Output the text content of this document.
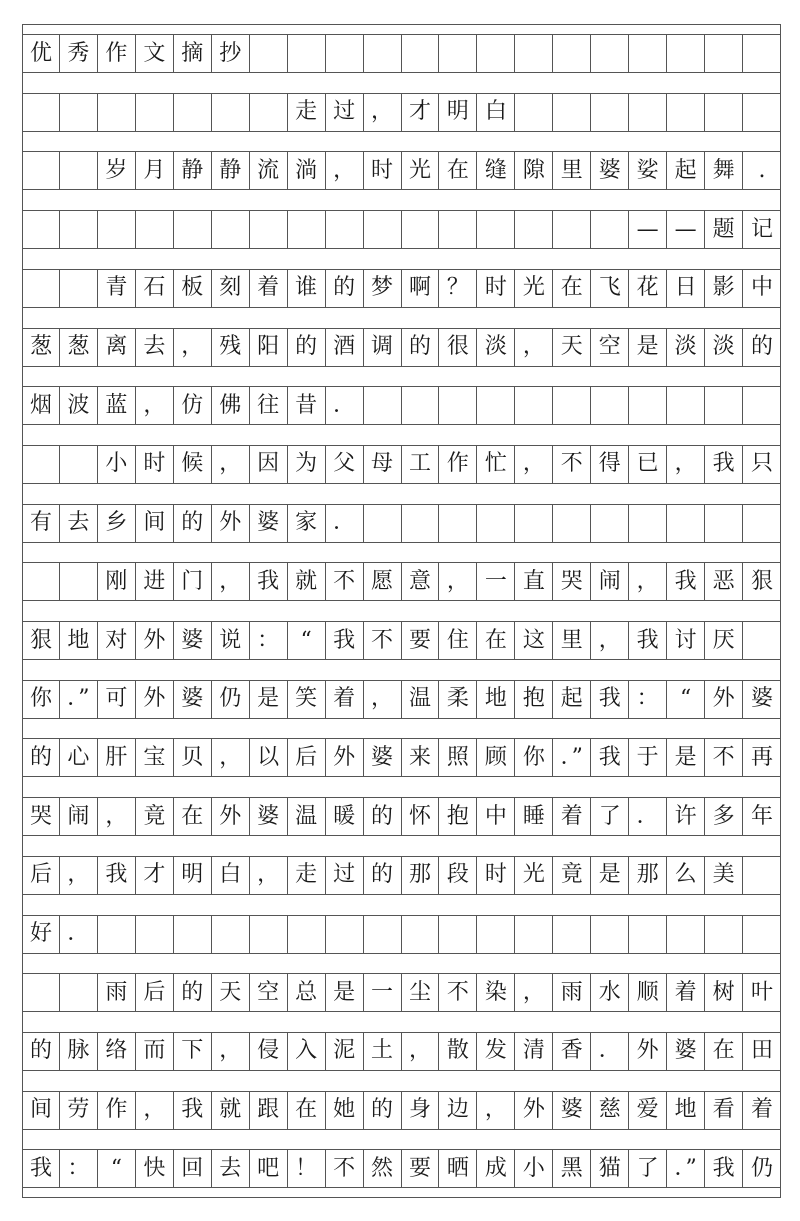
优 秀 作 文 摘 抄
走 过 ， 才 明 白
岁 月 静 静 流 淌 ， 时 光 在 缝 隙 里 婆 娑 起 舞	.
— — 题 记
青 石 板 刻 着 谁 的 梦 啊 ？ 时 光 在 飞 花 日 影 中
葱 葱 离 去 ， 残 阳 的 酒 调 的 很 淡 ， 天 空 是 淡 淡 的
烟 波 蓝 ， 仿 佛 往 昔 ．
小 时 候 ， 因 为 父 母 工 作 忙 ， 不 得 已 ， 我 只
有 去 乡 间 的 外 婆 家 ．
刚 进 门 ， 我 就 不 愿 意 ， 一 直 哭 闹 ， 我 恶 狠
狠 地 对 外 婆 说 ： “ 我 不 要 住 在 这 里 ， 我 讨 厌
你 ．” 可 外 婆 仍 是 笑 着 ， 温 柔 地 抱 起 我 ： “ 外 婆
的 心 肝 宝 贝 ， 以 后 外 婆 来 照 顾 你 ．” 我 于 是 不 再
哭 闹 ， 竟 在 外 婆 温 暖 的 怀 抱 中 睡 着 了 ． 许 多 年
后 ， 我 才 明 白 ， 走 过 的 那 段 时 光 竟 是 那 么 美
好 ．
雨 后 的 天 空 总 是 一 尘 不 染 ， 雨 水 顺 着 树 叶
的 脉 络 而 下 ， 侵 入 泥 土 ， 散 发 清 香 ． 外 婆 在 田
间 劳 作 ， 我 就 跟 在 她 的 身 边 ， 外 婆 慈 爱 地 看 着
我 ： “ 快 回 去 吧 ！ 不 然 要 晒 成 小 黑 猫 了 ．” 我 仍
